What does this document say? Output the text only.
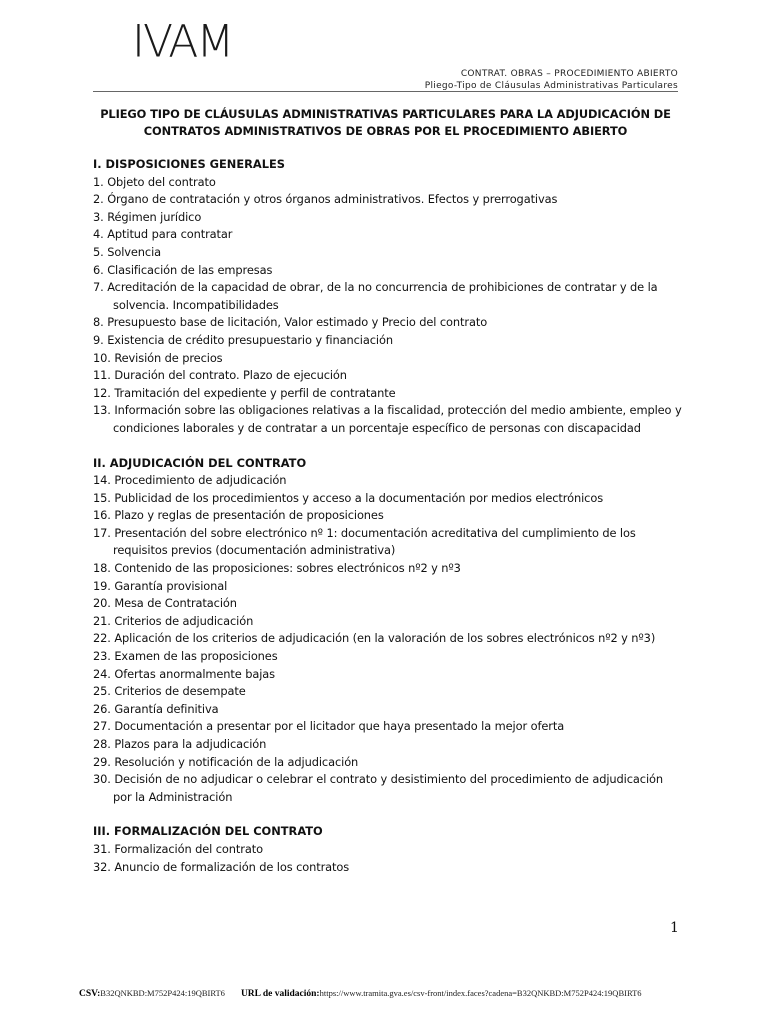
IVAM
CONTRAT. OBRAS – PROCEDIMIENTO ABIERTO
Pliego-Tipo de Cláusulas Administrativas Particulares
PLIEGO TIPO DE CLÁUSULAS ADMINISTRATIVAS PARTICULARES PARA LA ADJUDICACIÓN DE
CONTRATOS ADMINISTRATIVOS DE OBRAS POR EL PROCEDIMIENTO ABIERTO
I. DISPOSICIONES GENERALES
1. Objeto del contrato
2. Órgano de contratación y otros órganos administrativos. Efectos y prerrogativas
3. Régimen jurídico
4. Aptitud para contratar
5. Solvencia
6. Clasificación de las empresas
7. Acreditación de la capacidad de obrar, de la no concurrencia de prohibiciones de contratar y de la solvencia. Incompatibilidades
8. Presupuesto base de licitación, Valor estimado y Precio del contrato
9. Existencia de crédito presupuestario y financiación
10. Revisión de precios
11. Duración del contrato. Plazo de ejecución
12. Tramitación del expediente y perfil de contratante
13. Información sobre las obligaciones relativas a la fiscalidad, protección del medio ambiente, empleo y condiciones laborales y de contratar a un porcentaje específico de personas con discapacidad
II. ADJUDICACIÓN DEL CONTRATO
14. Procedimiento de adjudicación
15. Publicidad de los procedimientos y acceso a la documentación por medios electrónicos
16. Plazo y reglas de presentación de proposiciones
17. Presentación del sobre electrónico nº 1: documentación acreditativa del cumplimiento de los requisitos previos (documentación administrativa)
18. Contenido de las proposiciones: sobres electrónicos nº2 y nº3
19. Garantía provisional
20. Mesa de Contratación
21. Criterios de adjudicación
22. Aplicación de los criterios de adjudicación (en la valoración de los sobres electrónicos nº2 y nº3)
23. Examen de las proposiciones
24. Ofertas anormalmente bajas
25. Criterios de desempate
26. Garantía definitiva
27. Documentación a presentar por el licitador que haya presentado la mejor oferta
28. Plazos para la adjudicación
29. Resolución y notificación de la adjudicación
30. Decisión de no adjudicar o celebrar el contrato y desistimiento del procedimiento de adjudicación por la Administración
III. FORMALIZACIÓN DEL CONTRATO
31. Formalización del contrato
32. Anuncio de formalización de los contratos
1
CSV:B32QNKBD:M752P424:19QBIRT6 URL de validación:https://www.tramita.gva.es/csv-front/index.faces?cadena=B32QNKBD:M752P424:19QBIRT6
